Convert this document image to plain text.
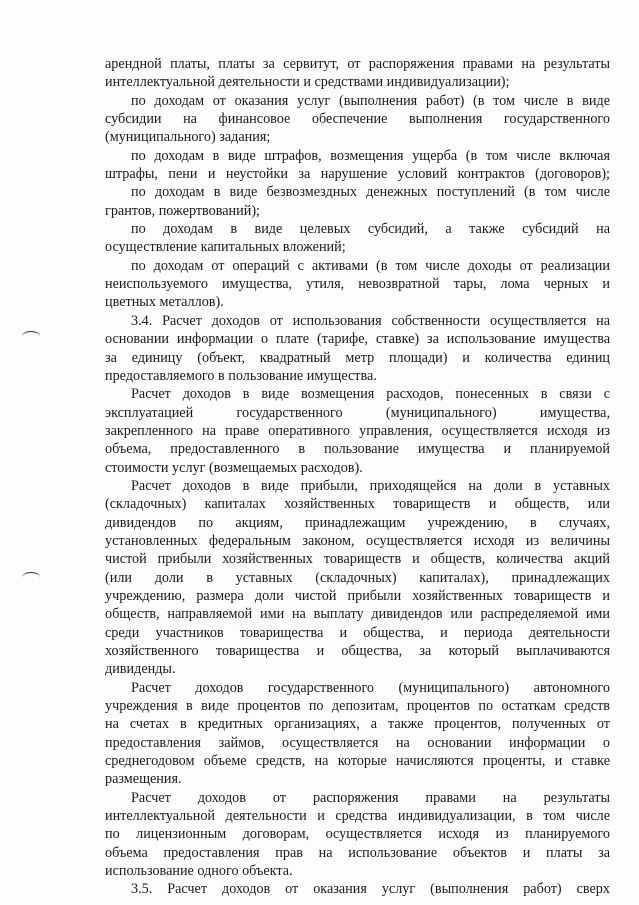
арендной платы, платы за сервитут, от распоряжения правами на результаты
интеллектуальной деятельности и средствами индивидуализации);
по доходам от оказания услуг (выполнения работ) (в том числе в виде
субсидии на финансовое обеспечение выполнения государственного
(муниципального) задания;
по доходам в виде штрафов, возмещения ущерба (в том числе включая
штрафы, пени и неустойки за нарушение условий контрактов (договоров);
по доходам в виде безвозмездных денежных поступлений (в том числе
грантов, пожертвований);
по доходам в виде целевых субсидий, а также субсидий на
осуществление капитальных вложений;
по доходам от операций с активами (в том числе доходы от реализации
неиспользуемого имущества, утиля, невозвратной тары, лома черных и
цветных металлов).
3.4. Расчет доходов от использования собственности осуществляется на
основании информации о плате (тарифе, ставке) за использование имущества
за единицу (объект, квадратный метр площади) и количества единиц
предоставляемого в пользование имущества.
Расчет доходов в виде возмещения расходов, понесенных в связи с
эксплуатацией государственного (муниципального) имущества,
закрепленного на праве оперативного управления, осуществляется исходя из
объема, предоставленного в пользование имущества и планируемой
стоимости услуг (возмещаемых расходов).
Расчет доходов в виде прибыли, приходящейся на доли в уставных
(складочных) капиталах хозяйственных товариществ и обществ, или
дивидендов по акциям, принадлежащим учреждению, в случаях,
установленных федеральным законом, осуществляется исходя из величины
чистой прибыли хозяйственных товариществ и обществ, количества акций
(или доли в уставных (складочных) капиталах), принадлежащих
учреждению, размера доли чистой прибыли хозяйственных товариществ и
обществ, направляемой ими на выплату дивидендов или распределяемой ими
среди участников товарищества и общества, и периода деятельности
хозяйственного товарищества и общества, за который выплачиваются
дивиденды.
Расчет доходов государственного (муниципального) автономного
учреждения в виде процентов по депозитам, процентов по остаткам средств
на счетах в кредитных организациях, а также процентов, полученных от
предоставления займов, осуществляется на основании информации о
среднегодовом объеме средств, на которые начисляются проценты, и ставке
размещения.
Расчет доходов от распоряжения правами на результаты
интеллектуальной деятельности и средства индивидуализации, в том числе
по лицензионным договорам, осуществляется исходя из планируемого
объема предоставления прав на использование объектов и платы за
использование одного объекта.
3.5. Расчет доходов от оказания услуг (выполнения работ) сверх
